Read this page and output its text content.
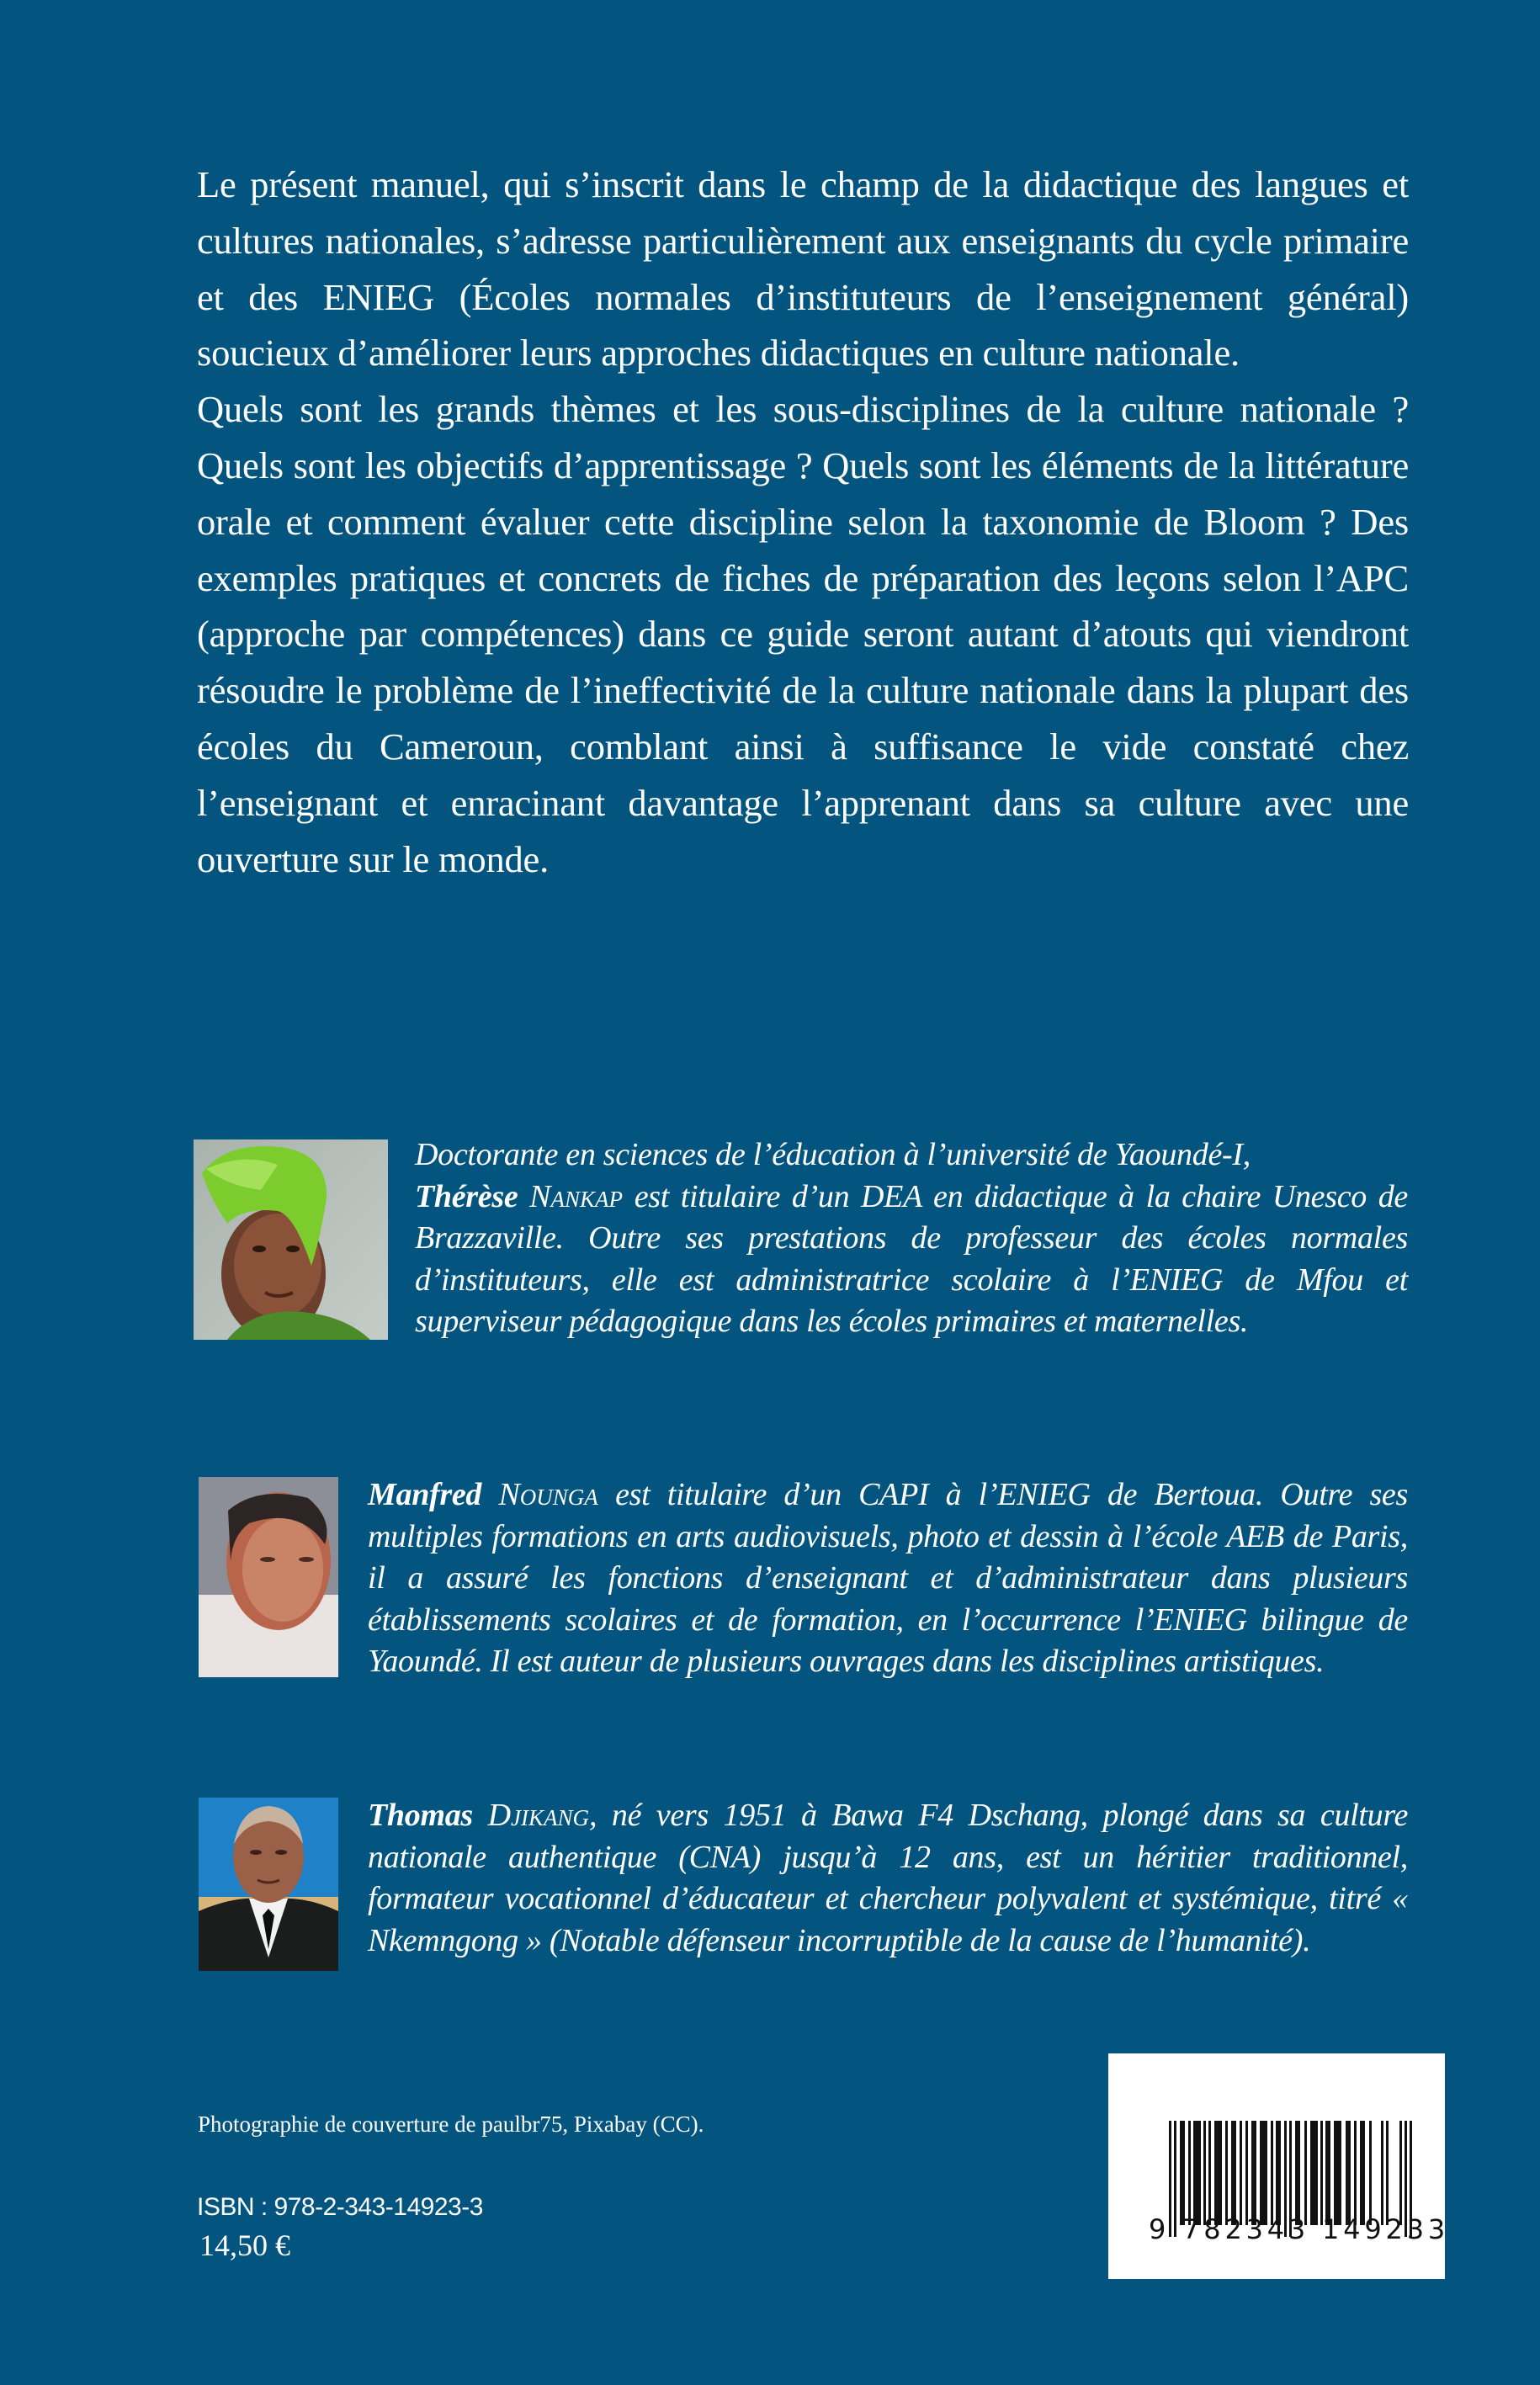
Le présent manuel, qui s’inscrit dans le champ de la didactique des langues et cultures nationales, s’adresse particulièrement aux enseignants du cycle primaire et des ENIEG (Écoles normales d’instituteurs de l’enseignement général) soucieux d’améliorer leurs approches didactiques en culture nationale.

Quels sont les grands thèmes et les sous-disciplines de la culture nationale ? Quels sont les objectifs d’apprentissage ? Quels sont les éléments de la littérature orale et comment évaluer cette discipline selon la taxonomie de Bloom ? Des exemples pratiques et concrets de fiches de préparation des leçons selon l’APC (approche par compétences) dans ce guide seront autant d’atouts qui viendront résoudre le problème de l’ineffectivité de la culture nationale dans la plupart des écoles du Cameroun, comblant ainsi à suffisance le vide constaté chez l’enseignant et enracinant davantage l’apprenant dans sa culture avec une ouverture sur le monde.

Doctorante en sciences de l’éducation à l’université de Yaoundé-I,
Thérèse Nankap est titulaire d’un DEA en didactique à la chaire Unesco de Brazzaville. Outre ses prestations de professeur des écoles normales d’instituteurs, elle est administratrice scolaire à l’ENIEG de Mfou et superviseur pédagogique dans les écoles primaires et maternelles.
Manfred Nounga est titulaire d’un CAPI à l’ENIEG de Bertoua. Outre ses multiples formations en arts audiovisuels, photo et dessin à l’école AEB de Paris, il a assuré les fonctions d’enseignant et d’administrateur dans plusieurs établissements scolaires et de formation, en l’occurrence l’ENIEG bilingue de Yaoundé. Il est auteur de plusieurs ouvrages dans les disciplines artistiques.
Thomas Djikang, né vers 1951 à Bawa F4 Dschang, plongé dans sa culture nationale authentique (CNA) jusqu’à 12 ans, est un héritier traditionnel, formateur vocationnel d’éducateur et chercheur polyvalent et systémique, titré « Nkemngong » (Notable défenseur incorruptible de la cause de l’humanité).
Photographie de couverture de paulbr75, Pixabay (CC).
ISBN : 978-2-343-14923-3
14,50 €	9 782343 149233
